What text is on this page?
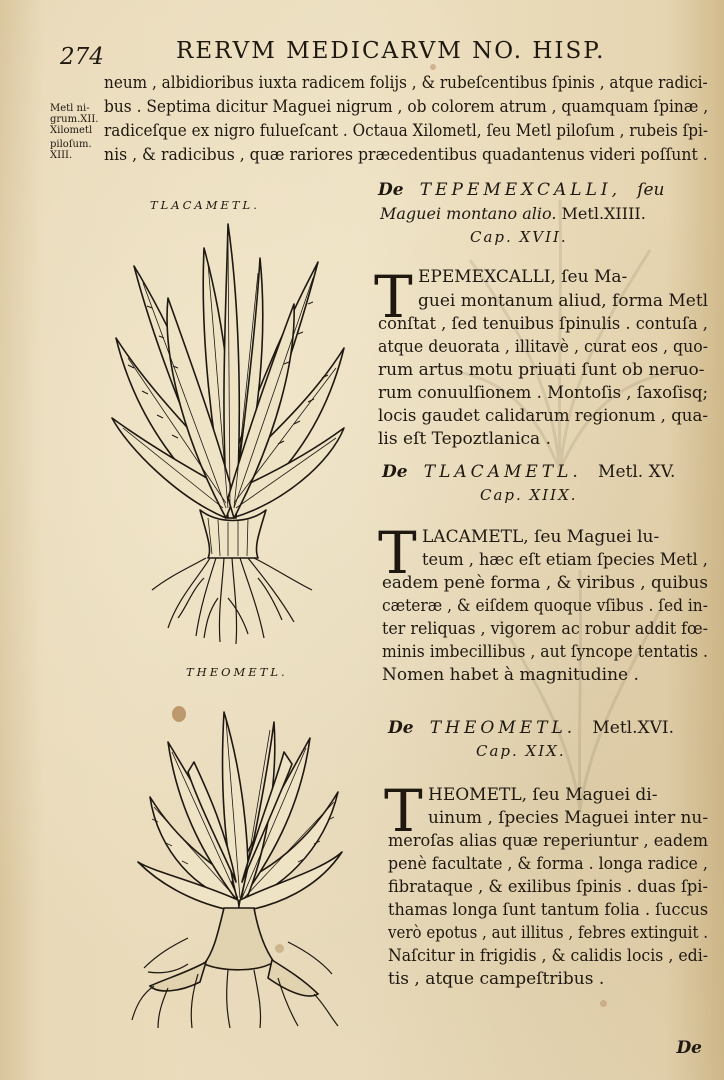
274	RERVM MEDICARVM NO. HISP.
neum , albidioribus iuxta radicem folijs , & rubeſcentibus ſpinis , atque radici-
bus . Septima dicitur Maguei nigrum , ob colorem atrum , quamquam ſpinæ ,
radiceſque ex nigro fulueſcant . Octaua Xilometl, ſeu Metl piloſum , rubeis ſpi-
nis , & radicibus , quæ rariores præcedentibus quadantenus videri poſſunt .
Metl ni-
grum.XII.
Xilometl
piloſum.
XIII.
TLACAMETL.
THEOMETL.
De TEPEMEXCALLI, ſeu
Maguei montano alio. Metl.XIIII.
Cap. XVII.
T EPEMEXCALLI, ſeu Ma-
guei montanum aliud, forma Metl
conſtat , ſed tenuibus ſpinulis . contuſa ,
atque deuorata , illitavè , curat eos , quo-
rum artus motu priuati ſunt ob neruo-
rum conuulſionem . Montoſis , ſaxoſisq;
locis gaudet calidarum regionum , qua-
lis eſt Tepoztlanica .
De TLACAMETL. Metl. XV.
Cap. XIIX.
T LACAMETL, ſeu Maguei lu-
teum , hæc eſt etiam ſpecies Metl ,
eadem penè forma , & viribus , quibus
cæteræ , & eiſdem quoque vſibus . ſed in-
ter reliquas , vigorem ac robur addit fœ-
minis imbecillibus , aut ſyncope tentatis .
Nomen habet à magnitudine .
De THEOMETL. Metl.XVI.
Cap. XIX.
T HEOMETL, ſeu Maguei di-
uinum , ſpecies Maguei inter nu-
meroſas alias quæ reperiuntur , eadem
penè facultate , & forma . longa radice ,
fibrataque , & exilibus ſpinis . duas ſpi-
thamas longa ſunt tantum folia . ſuccus
verò epotus , aut illitus , febres extinguit .
Naſcitur in frigidis , & calidis locis , edi-
tis , atque campeſtribus .
De
